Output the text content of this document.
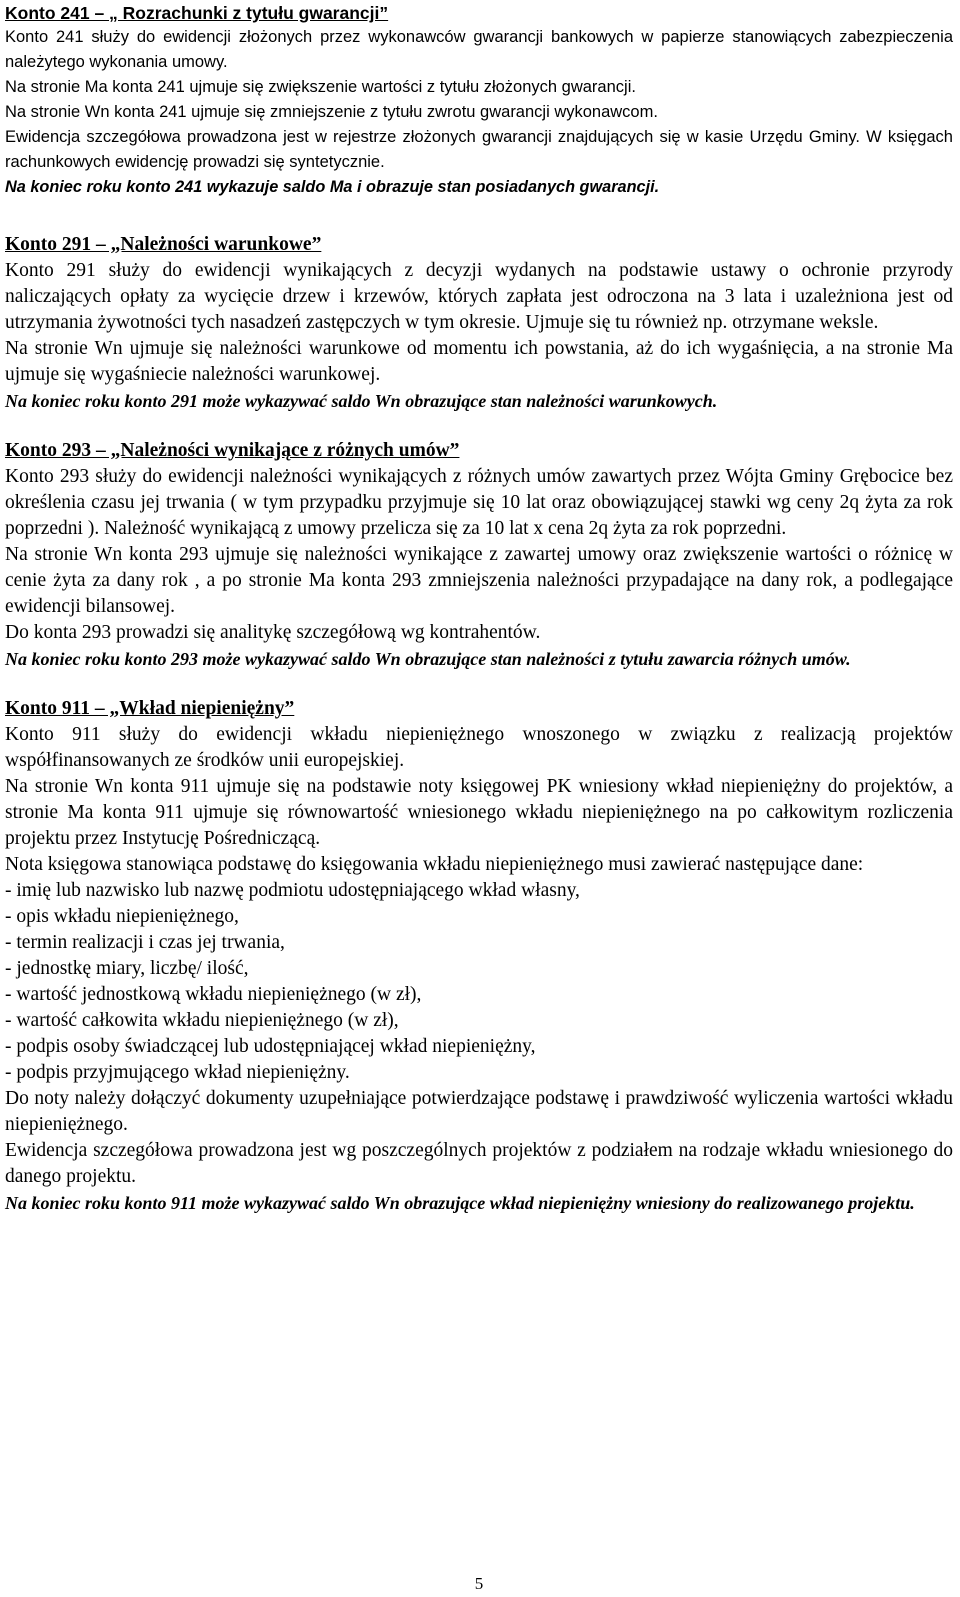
Konto 241 – „ Rozrachunki z tytułu gwarancji”

Konto 241 służy do ewidencji złożonych przez wykonawców gwarancji bankowych w papierze stanowiących zabezpieczenia należytego wykonania umowy.

Na stronie Ma konta 241 ujmuje się zwiększenie wartości z tytułu złożonych gwarancji.

Na stronie Wn konta 241 ujmuje się zmniejszenie z tytułu zwrotu gwarancji wykonawcom.

Ewidencja szczegółowa prowadzona jest w rejestrze złożonych gwarancji znajdujących się w kasie Urzędu Gminy. W księgach rachunkowych ewidencję prowadzi się syntetycznie.

Na koniec roku konto 241 wykazuje saldo Ma i obrazuje stan posiadanych gwarancji.

Konto 291 – „Należności warunkowe”

Konto 291 służy do ewidencji wynikających z decyzji wydanych na podstawie ustawy o ochronie przyrody naliczających opłaty za wycięcie drzew i krzewów, których zapłata jest odroczona na 3 lata i uzależniona jest od utrzymania żywotności tych nasadzeń zastępczych w tym okresie. Ujmuje się tu również np. otrzymane weksle.

Na stronie Wn ujmuje się należności warunkowe od momentu ich powstania, aż do ich wygaśnięcia, a na stronie Ma ujmuje się wygaśniecie należności warunkowej.

Na koniec roku konto 291 może wykazywać saldo Wn obrazujące stan należności warunkowych.

Konto 293 – „Należności wynikające z różnych umów”

Konto 293 służy do ewidencji należności wynikających z różnych umów zawartych przez Wójta Gminy Grębocice bez określenia czasu jej trwania ( w tym przypadku przyjmuje się 10 lat oraz obowiązującej stawki wg ceny 2q żyta za rok poprzedni ). Należność wynikającą z umowy przelicza się za 10 lat x cena 2q żyta za rok poprzedni.

Na stronie Wn konta 293 ujmuje się należności wynikające z zawartej umowy oraz zwiększenie wartości o różnicę w cenie żyta za dany rok , a po stronie Ma konta 293 zmniejszenia należności przypadające na dany rok, a podlegające ewidencji bilansowej.

Do konta 293 prowadzi się analitykę szczegółową wg kontrahentów.

Na koniec roku konto 293 może wykazywać saldo Wn obrazujące stan należności z tytułu zawarcia różnych umów.

Konto 911 – „Wkład niepieniężny”

Konto 911 służy do ewidencji wkładu niepieniężnego wnoszonego w związku z realizacją projektów współfinansowanych ze środków unii europejskiej.

Na stronie Wn konta 911 ujmuje się na podstawie noty księgowej PK wniesiony wkład niepieniężny do projektów, a stronie Ma konta 911 ujmuje się równowartość wniesionego wkładu niepieniężnego na po całkowitym rozliczenia projektu przez Instytucję Pośredniczącą.

Nota księgowa stanowiąca podstawę do księgowania wkładu niepieniężnego musi zawierać następujące dane:

- imię lub nazwisko lub nazwę podmiotu udostępniającego wkład własny,

- opis wkładu niepieniężnego,

- termin realizacji i czas jej trwania,

- jednostkę miary, liczbę/ ilość,

- wartość jednostkową wkładu niepieniężnego (w zł),

- wartość całkowita wkładu niepieniężnego (w zł),

- podpis osoby świadczącej lub udostępniającej wkład niepieniężny,

- podpis przyjmującego wkład niepieniężny.

Do noty należy dołączyć dokumenty uzupełniające potwierdzające podstawę i prawdziwość wyliczenia wartości wkładu niepieniężnego.

Ewidencja szczegółowa prowadzona jest wg poszczególnych projektów z podziałem na rodzaje wkładu wniesionego do danego projektu.

Na koniec roku konto 911 może wykazywać saldo Wn obrazujące wkład niepieniężny wniesiony do realizowanego projektu.

5
